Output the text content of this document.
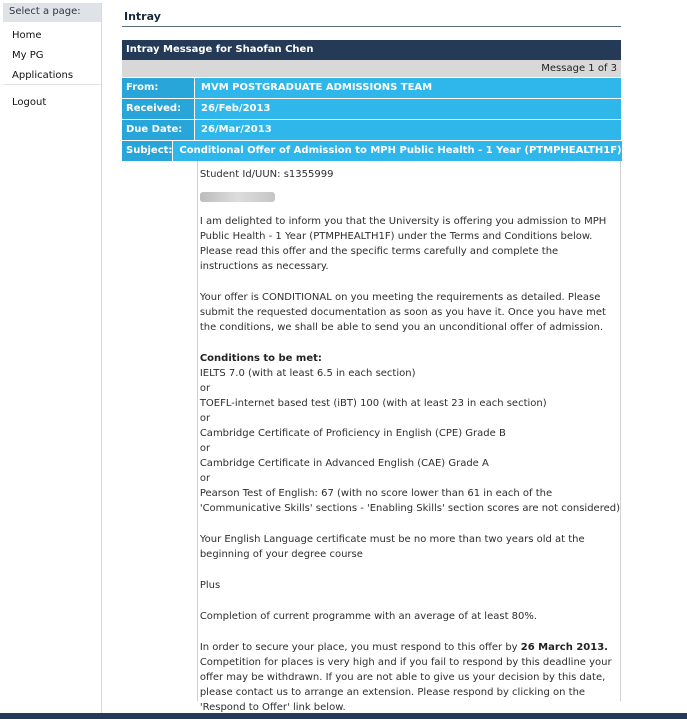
Select a page:
Home
My PG Applications
Logout
Intray
Intray Message for Shaofan Chen
Message 1 of 3
From:	MVM POSTGRADUATE ADMISSIONS TEAM
Received:	26/Feb/2013
Due Date:	26/Mar/2013
Subject: Conditional Offer of Admission to MPH Public Health - 1 Year (PTMPHEALTH1F)
Student Id/UUN: s1355999
I am delighted to inform you that the University is offering you admission to MPH Public Health - 1 Year (PTMPHEALTH1F) under the Terms and Conditions below. Please read this offer and the specific terms carefully and complete the instructions as necessary.
Your offer is CONDITIONAL on you meeting the requirements as detailed. Please submit the requested documentation as soon as you have it. Once you have met the conditions, we shall be able to send you an unconditional offer of admission.
Conditions to be met:
IELTS 7.0 (with at least 6.5 in each section)
or
TOEFL-internet based test (iBT) 100 (with at least 23 in each section)
or
Cambridge Certificate of Proficiency in English (CPE) Grade B
or
Cambridge Certificate in Advanced English (CAE) Grade A
or
Pearson Test of English: 67 (with no score lower than 61 in each of the
'Communicative Skills' sections - 'Enabling Skills' section scores are not considered)
Your English Language certificate must be no more than two years old at the beginning of your degree course
Plus
Completion of current programme with an average of at least 80%.
In order to secure your place, you must respond to this offer by 26 March 2013. Competition for places is very high and if you fail to respond by this deadline your offer may be withdrawn. If you are not able to give us your decision by this date, please contact us to arrange an extension. Please respond by clicking on the 'Respond to Offer' link below.
